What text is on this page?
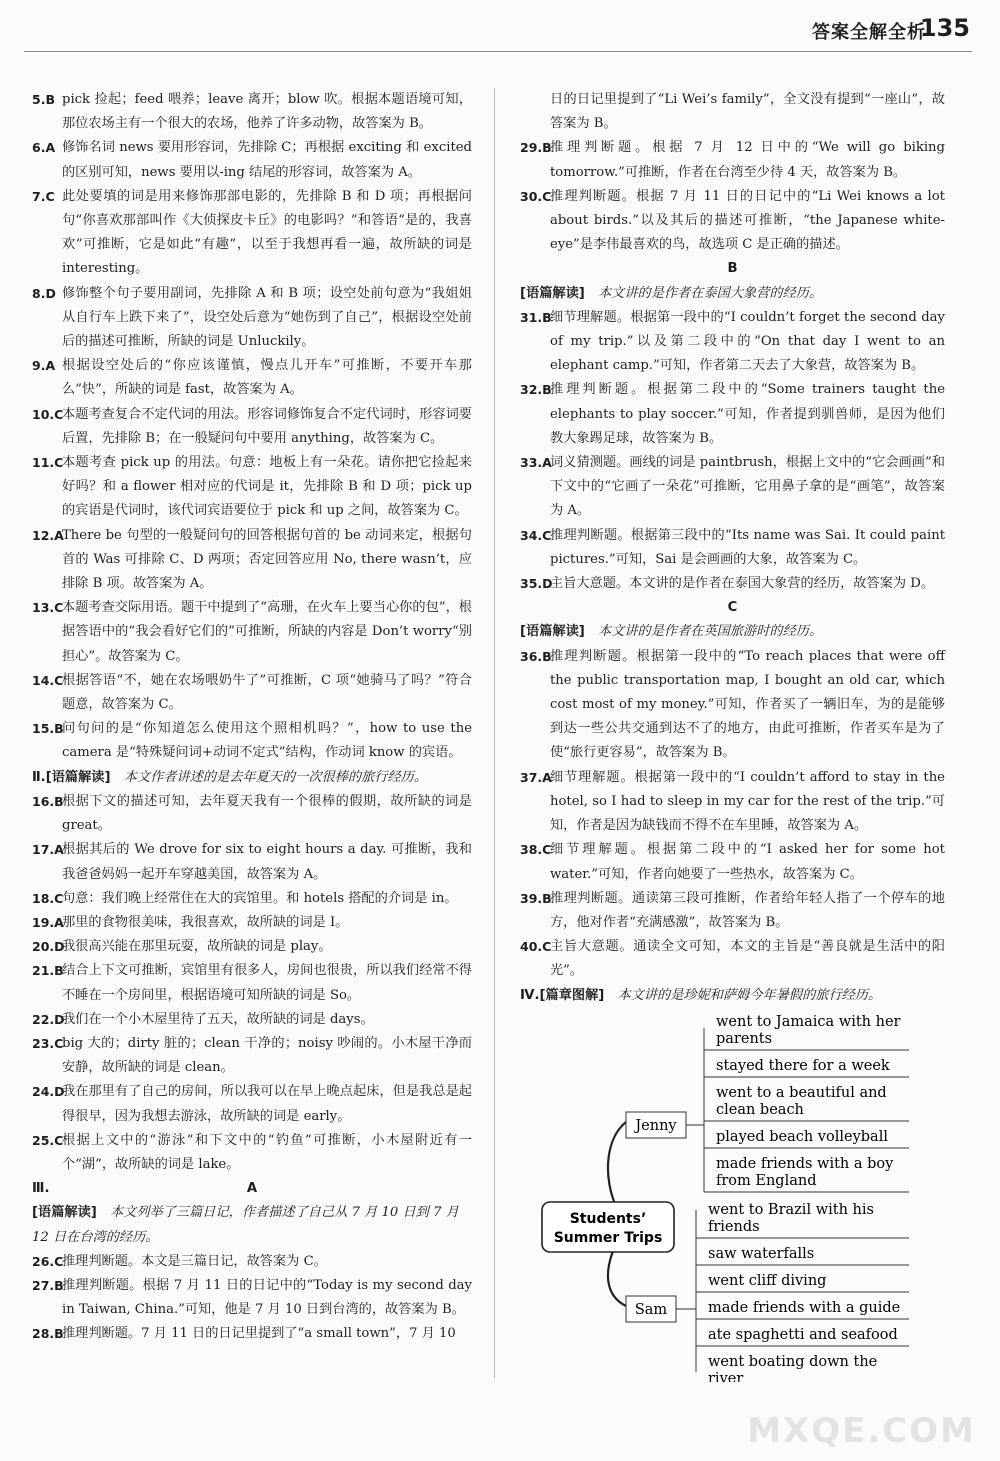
答案全解全析
135
5.B pick 捡起；feed 喂养；leave 离开；blow 吹。根据本题语境可知，那位农场主有一个很大的农场，他养了许多动物，故答案为 B。
6.A 修饰名词 news 要用形容词，先排除 C；再根据 exciting 和 excited 的区别可知，news 要用以-ing 结尾的形容词，故答案为 A。
7.C 此处要填的词是用来修饰那部电影的，先排除 B 和 D 项；再根据问句“你喜欢那部叫作《大侦探皮卡丘》的电影吗？”和答语“是的，我喜欢”可推断，它是如此“有趣”，以至于我想再看一遍，故所缺的词是 interesting。
8.D 修饰整个句子要用副词，先排除 A 和 B 项；设空处前句意为“我姐姐从自行车上跌下来了”，设空处后意为“她伤到了自己”，根据设空处前后的描述可推断，所缺的词是 Unluckily。
9.A 根据设空处后的“你应该谨慎，慢点儿开车”可推断，不要开车那么“快”，所缺的词是 fast，故答案为 A。
10.C
本题考查复合不定代词的用法。形容词修饰复合不定代词时，形容词要后置，先排除 B；在一般疑问句中要用 anything，故答案为 C。
11.C
本题考查 pick up 的用法。句意：地板上有一朵花。请你把它捡起来好吗？和 a flower 相对应的代词是 it，先排除 B 和 D 项；pick up 的宾语是代词时，该代词宾语要位于 pick 和 up 之间，故答案为 C。
12.A
There be 句型的一般疑问句的回答根据句首的 be 动词来定，根据句首的 Was 可排除 C、D 两项；否定回答应用 No, there wasn’t，应排除 B 项。故答案为 A。
13.C
本题考查交际用语。题干中提到了“高珊，在火车上要当心你的包”，根据答语中的“我会看好它们的”可推断，所缺的内容是 Don’t worry“别担心”。故答案为 C。
14.C
根据答语“不，她在农场喂奶牛了”可推断，C 项“她骑马了吗？”符合题意，故答案为 C。
15.B
问句问的是“你知道怎么使用这个照相机吗？”，how to use the camera 是“特殊疑问词+动词不定式”结构，作动词 know 的宾语。
Ⅱ.[语篇解读]  本文作者讲述的是去年夏天的一次很棒的旅行经历。
16.B
根据下文的描述可知，去年夏天我有一个很棒的假期，故所缺的词是 great。
17.A
根据其后的 We drove for six to eight hours a day. 可推断，我和我爸爸妈妈一起开车穿越美国，故答案为 A。
18.C
句意：我们晚上经常住在大的宾馆里。和 hotels 搭配的介词是 in。
19.A
那里的食物很美味，我很喜欢，故所缺的词是 I。
20.D
我很高兴能在那里玩耍，故所缺的词是 play。
21.B
结合上下文可推断，宾馆里有很多人，房间也很贵，所以我们经常不得不睡在一个房间里，根据语境可知所缺的词是 So。
22.D
我们在一个小木屋里待了五天，故所缺的词是 days。
23.C
big 大的；dirty 脏的；clean 干净的；noisy 吵闹的。小木屋干净而安静，故所缺的词是 clean。
24.D
我在那里有了自己的房间，所以我可以在早上晚点起床，但是我总是起得很早，因为我想去游泳，故所缺的词是 early。
25.C
根据上文中的“游泳”和下文中的“钓鱼”可推断，小木屋附近有一个“湖”，故所缺的词是 lake。
Ⅲ.	A
[语篇解读]  本文列举了三篇日记，作者描述了自己从 7 月 10 日到 7 月 12 日在台湾的经历。
26.C
推理判断题。本文是三篇日记，故答案为 C。
27.B
推理判断题。根据 7 月 11 日的日记中的“Today is my second day in Taiwan, China.”可知，他是 7 月 10 日到台湾的，故答案为 B。
28.B
推理判断题。7 月 11 日的日记里提到了“a small town”，7 月 10
日的日记里提到了“Li Wei’s family”，全文没有提到“一座山”，故答案为 B。
29.B
推理判断题。根据 7 月 12 日中的“We will go biking tomorrow.”可推断，作者在台湾至少待 4 天，故答案为 B。
30.C
推理判断题。根据 7 月 11 日的日记中的“Li Wei knows a lot about birds.”以及其后的描述可推断，“the Japanese white-eye”是李伟最喜欢的鸟，故选项 C 是正确的描述。
B
[语篇解读]  本文讲的是作者在泰国大象营的经历。
31.B
细节理解题。根据第一段中的“I couldn’t forget the second day of my trip.”以及第二段中的“On that day I went to an elephant camp.”可知，作者第二天去了大象营，故答案为 B。
32.B
推理判断题。根据第二段中的“Some trainers taught the elephants to play soccer.”可知，作者提到驯兽师，是因为他们教大象踢足球，故答案为 B。
33.A
词义猜测题。画线的词是 paintbrush，根据上文中的“它会画画”和下文中的“它画了一朵花”可推断，它用鼻子拿的是“画笔”，故答案为 A。
34.C
推理判断题。根据第三段中的“Its name was Sai. It could paint pictures.”可知，Sai 是会画画的大象，故答案为 C。
35.D
主旨大意题。本文讲的是作者在泰国大象营的经历，故答案为 D。
C
[语篇解读]  本文讲的是作者在英国旅游时的经历。
36.B
推理判断题。根据第一段中的“To reach places that were off the public transportation map, I bought an old car, which cost most of my money.”可知，作者买了一辆旧车，为的是能够到达一些公共交通到达不了的地方，由此可推断，作者买车是为了使“旅行更容易”，故答案为 B。
37.A
细节理解题。根据第一段中的“I couldn’t afford to stay in the hotel, so I had to sleep in my car for the rest of the trip.”可知，作者是因为缺钱而不得不在车里睡，故答案为 A。
38.C
细节理解题。根据第二段中的“I asked her for some hot water.”可知，作者向她要了一些热水，故答案为 C。
39.B
推理判断题。通读第三段可推断，作者给年轻人指了一个停车的地方，他对作者“充满感激”，故答案为 B。
40.C
主旨大意题。通读全文可知，本文的主旨是“善良就是生活中的阳光”。
Ⅳ.[篇章图解]  本文讲的是珍妮和萨姆今年暑假的旅行经历。
Students’
Summer Trips
Jenny
went to Jamaica with her parents
stayed there for a week
went to a beautiful and clean beach
played beach volleyball
made friends with a boy from England
Sam
went to Brazil with his friends
saw waterfalls
went cliff diving
made friends with a guide
ate spaghetti and seafood
went boating down the river
MXQE.COM
